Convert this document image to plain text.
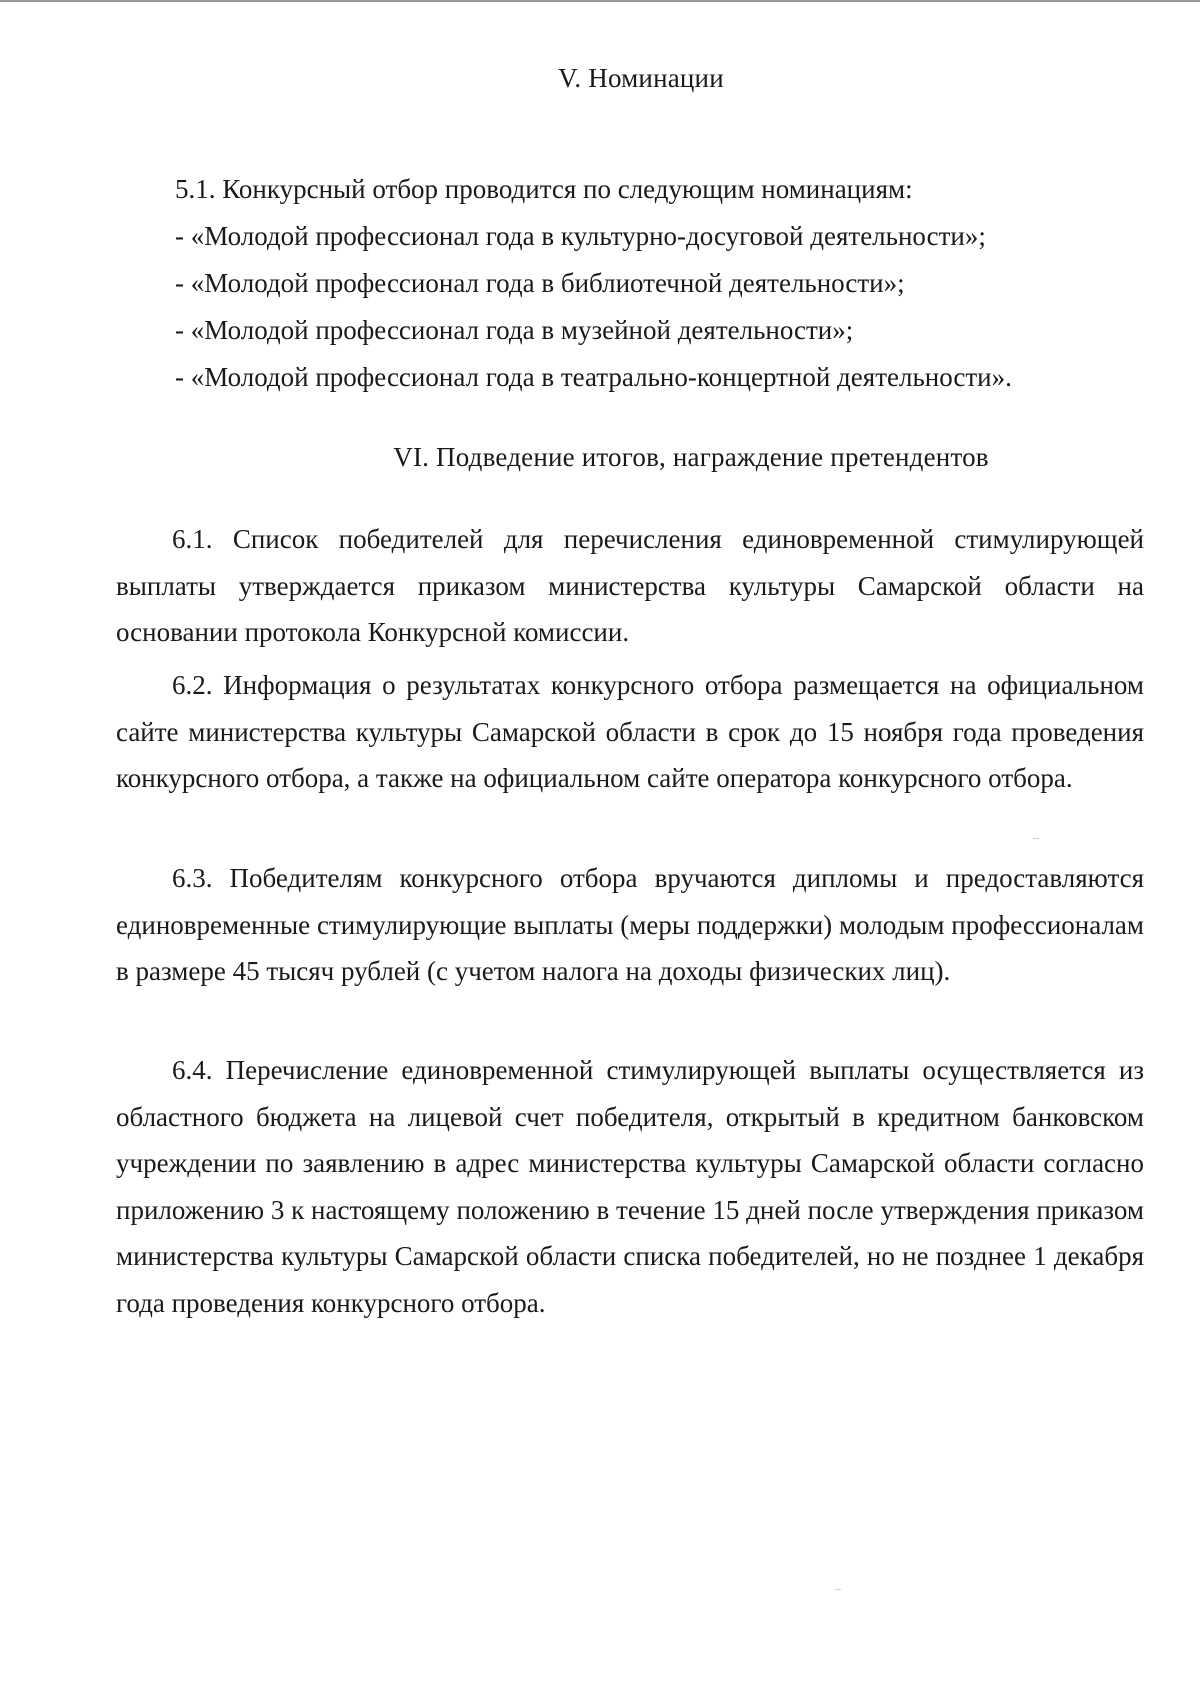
V. Номинации
5.1. Конкурсный отбор проводится по следующим номинациям:
- «Молодой профессионал года в культурно-досуговой деятельности»;
- «Молодой профессионал года в библиотечной деятельности»;
- «Молодой профессионал года в музейной деятельности»;
- «Молодой профессионал года в театрально-концертной деятельности».
VI. Подведение итогов, награждение претендентов

6.1. Список победителей для перечисления единовременной стимулирующей выплаты утверждается приказом министерства культуры Самарской области на основании протокола Конкурсной комиссии.

6.2. Информация о результатах конкурсного отбора размещается на официальном сайте министерства культуры Самарской области в срок до 15 ноября года проведения конкурсного отбора, а также на официальном сайте оператора конкурсного отбора.

6.3. Победителям конкурсного отбора вручаются дипломы и предоставляются единовременные стимулирующие выплаты (меры поддержки) молодым профессионалам в размере 45 тысяч рублей (с учетом налога на доходы физических лиц).

6.4. Перечисление единовременной стимулирующей выплаты осуществляется из областного бюджета на лицевой счет победителя, открытый в кредитном банковском учреждении по заявлению в адрес министерства культуры Самарской области согласно приложению 3 к настоящему положению в течение 15 дней после утверждения приказом министерства культуры Самарской области списка победителей, но не позднее 1 декабря года проведения конкурсного отбора.
